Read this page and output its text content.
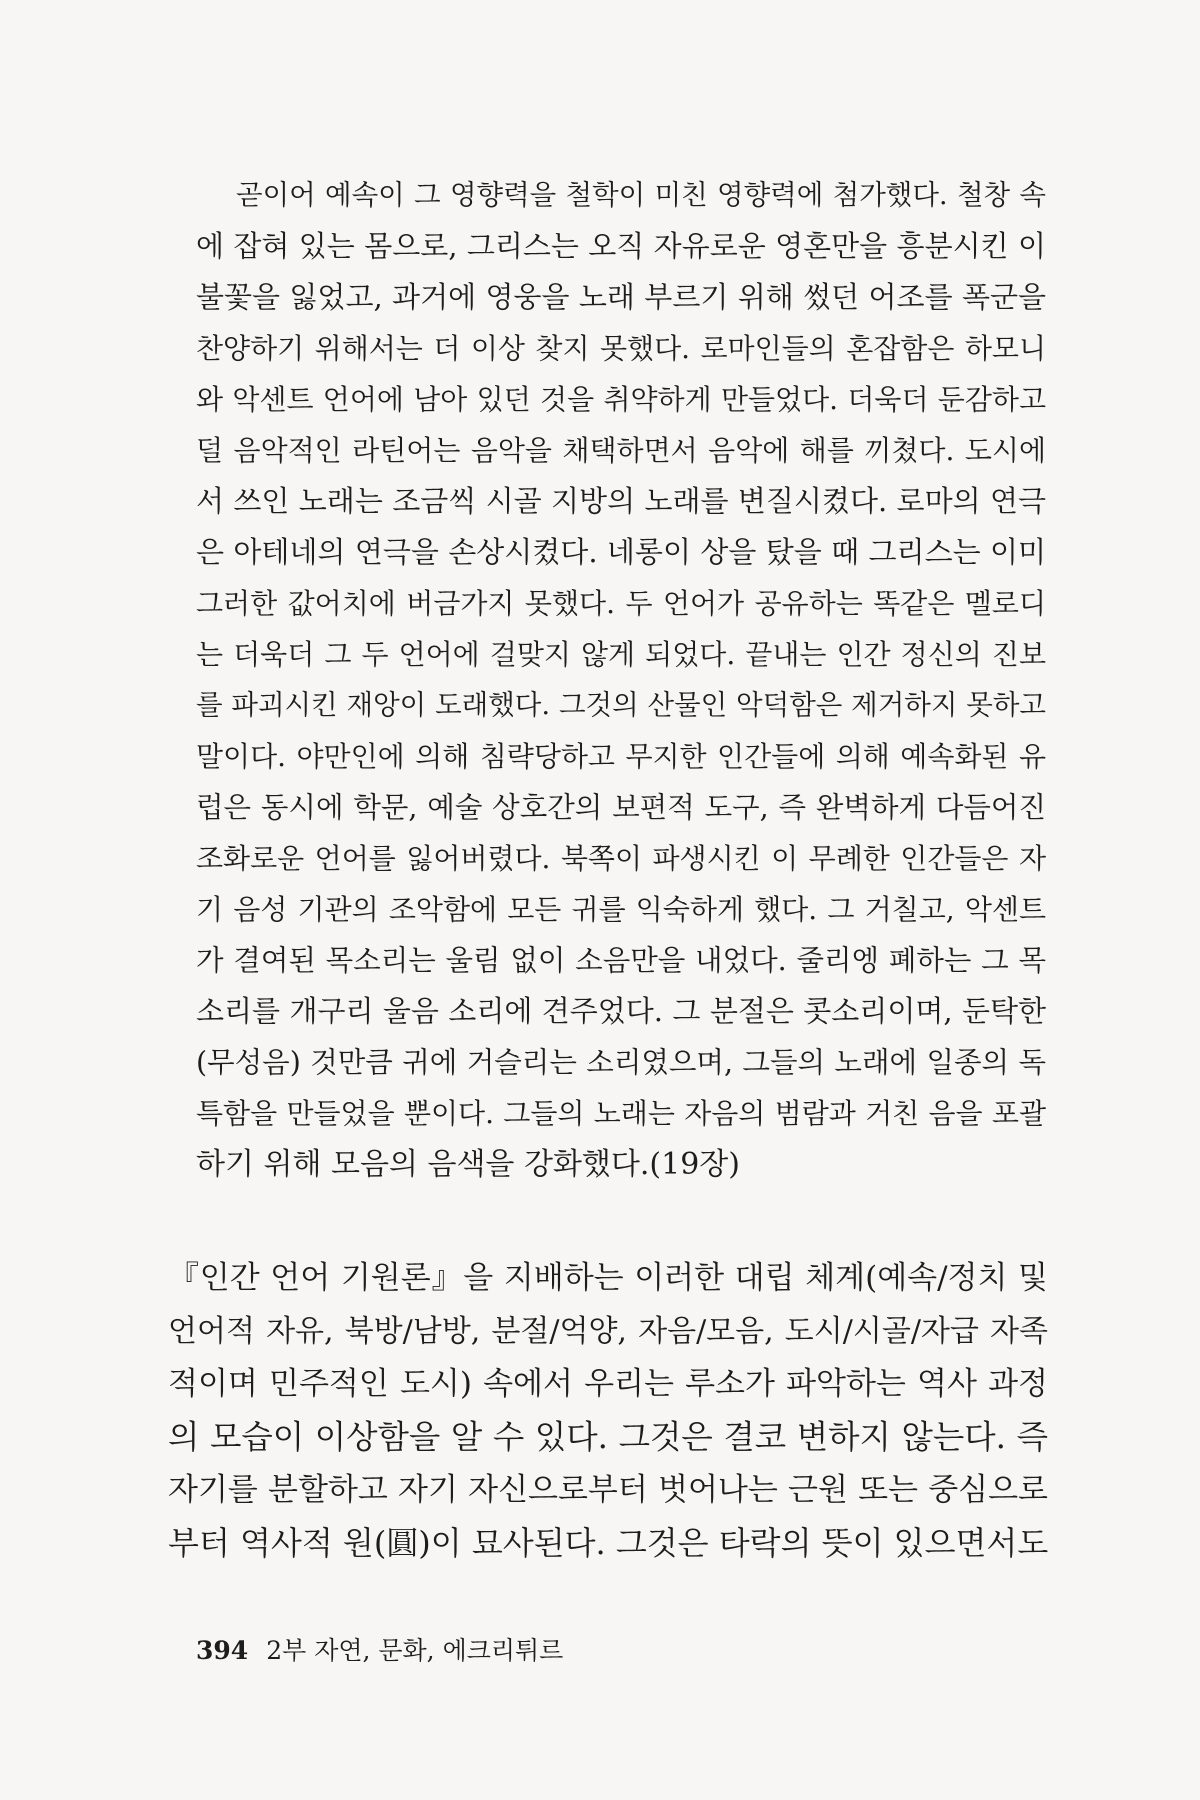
곧이어 예속이 그 영향력을 철학이 미친 영향력에 첨가했다. 철창 속
에 잡혀 있는 몸으로, 그리스는 오직 자유로운 영혼만을 흥분시킨 이
불꽃을 잃었고, 과거에 영웅을 노래 부르기 위해 썼던 어조를 폭군을
찬양하기 위해서는 더 이상 찾지 못했다. 로마인들의 혼잡함은 하모니
와 악센트 언어에 남아 있던 것을 취약하게 만들었다. 더욱더 둔감하고
덜 음악적인 라틴어는 음악을 채택하면서 음악에 해를 끼쳤다. 도시에
서 쓰인 노래는 조금씩 시골 지방의 노래를 변질시켰다. 로마의 연극
은 아테네의 연극을 손상시켰다. 네롱이 상을 탔을 때 그리스는 이미
그러한 값어치에 버금가지 못했다. 두 언어가 공유하는 똑같은 멜로디
는 더욱더 그 두 언어에 걸맞지 않게 되었다. 끝내는 인간 정신의 진보
를 파괴시킨 재앙이 도래했다. 그것의 산물인 악덕함은 제거하지 못하고
말이다. 야만인에 의해 침략당하고 무지한 인간들에 의해 예속화된 유
럽은 동시에 학문, 예술 상호간의 보편적 도구, 즉 완벽하게 다듬어진
조화로운 언어를 잃어버렸다. 북쪽이 파생시킨 이 무례한 인간들은 자
기 음성 기관의 조악함에 모든 귀를 익숙하게 했다. 그 거칠고, 악센트
가 결여된 목소리는 울림 없이 소음만을 내었다. 줄리엥 폐하는 그 목
소리를 개구리 울음 소리에 견주었다. 그 분절은 콧소리이며, 둔탁한
(무성음) 것만큼 귀에 거슬리는 소리였으며, 그들의 노래에 일종의 독
특함을 만들었을 뿐이다. 그들의 노래는 자음의 범람과 거친 음을 포괄
하기 위해 모음의 음색을 강화했다.(19장)
『인간 언어 기원론』을 지배하는 이러한 대립 체계(예속/정치 및
언어적 자유, 북방/남방, 분절/억양, 자음/모음, 도시/시골/자급 자족
적이며 민주적인 도시) 속에서 우리는 루소가 파악하는 역사 과정
의 모습이 이상함을 알 수 있다. 그것은 결코 변하지 않는다. 즉
자기를 분할하고 자기 자신으로부터 벗어나는 근원 또는 중심으로
부터 역사적 원(圓)이 묘사된다. 그것은 타락의 뜻이 있으면서도
394 2부 자연, 문화, 에크리튀르
